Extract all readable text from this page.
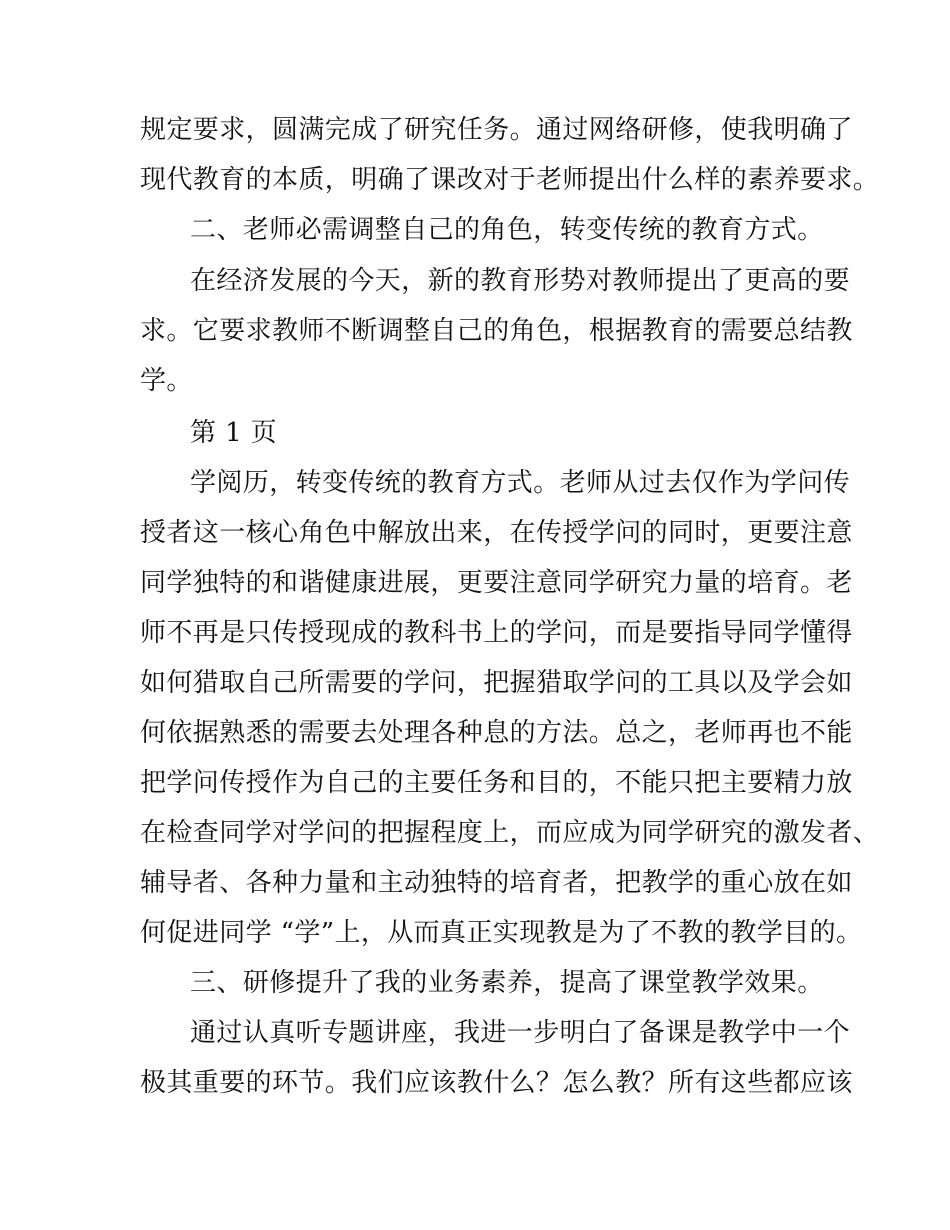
规定要求，圆满完成了研究任务。通过网络研修，使我明确了
现代教育的本质，明确了课改对于老师提出什么样的素养要求。
二、老师必需调整自己的角色，转变传统的教育方式。
在经济发展的今天，新的教育形势对教师提出了更高的要
求。它要求教师不断调整自己的角色，根据教育的需要总结教
学。
第 1 页
学阅历，转变传统的教育方式。老师从过去仅作为学问传
授者这一核心角色中解放出来，在传授学问的同时，更要注意
同学独特的和谐健康进展，更要注意同学研究力量的培育。老
师不再是只传授现成的教科书上的学问，而是要指导同学懂得
如何猎取自己所需要的学问，把握猎取学问的工具以及学会如
何依据熟悉的需要去处理各种息的方法。总之，老师再也不能
把学问传授作为自己的主要任务和目的，不能只把主要精力放
在检查同学对学问的把握程度上，而应成为同学研究的激发者、
辅导者、各种力量和主动独特的培育者，把教学的重心放在如
何促进同学 “学”上，从而真正实现教是为了不教的教学目的。
三、研修提升了我的业务素养，提高了课堂教学效果。
通过认真听专题讲座，我进一步明白了备课是教学中一个
极其重要的环节。我们应该教什么？怎么教？所有这些都应该
